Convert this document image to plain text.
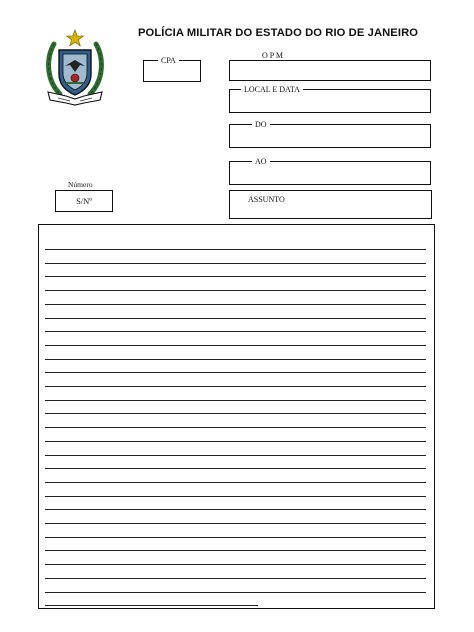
POLÍCIA MILITAR DO ESTADO DO RIO DE JANEIRO
CPA
O P M
LOCAL E DATA
DO
AO
Número
S/Nº	ASSUNTO
